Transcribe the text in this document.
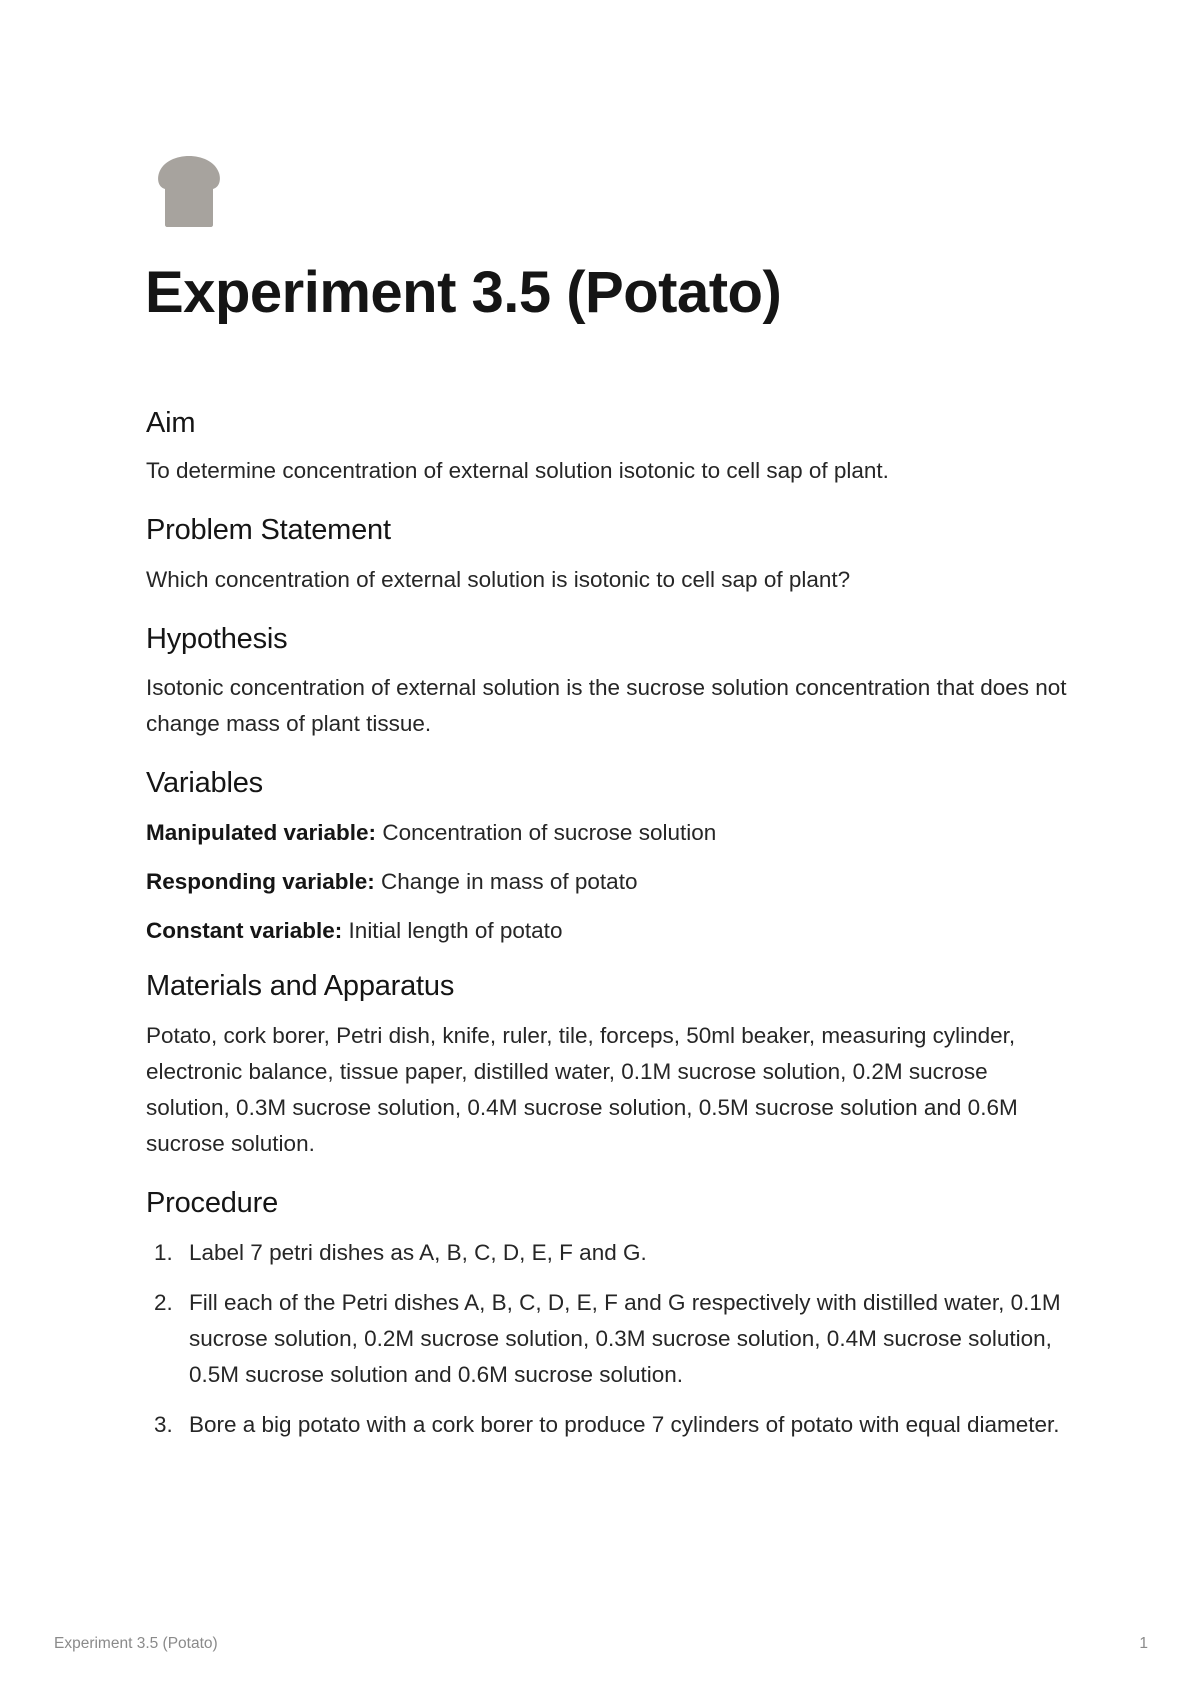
Experiment 3.5 (Potato)
Aim

To determine concentration of external solution isotonic to cell sap of plant.

Problem Statement

Which concentration of external solution is isotonic to cell sap of plant?

Hypothesis

Isotonic concentration of external solution is the sucrose solution concentration that does not change mass of plant tissue.

Variables

Manipulated variable: Concentration of sucrose solution

Responding variable: Change in mass of potato

Constant variable: Initial length of potato

Materials and Apparatus

Potato, cork borer, Petri dish, knife, ruler, tile, forceps, 50ml beaker, measuring cylinder, electronic balance, tissue paper, distilled water, 0.1M sucrose solution, 0.2M sucrose solution, 0.3M sucrose solution, 0.4M sucrose solution, 0.5M sucrose solution and 0.6M sucrose solution.

Procedure
1. Label 7 petri dishes as A, B, C, D, E, F and G.
2. Fill each of the Petri dishes A, B, C, D, E, F and G respectively with distilled water, 0.1M sucrose solution, 0.2M sucrose solution, 0.3M sucrose solution, 0.4M sucrose solution, 0.5M sucrose solution and 0.6M sucrose solution.
3. Bore a big potato with a cork borer to produce 7 cylinders of potato with equal diameter.
Experiment 3.5 (Potato)	1
